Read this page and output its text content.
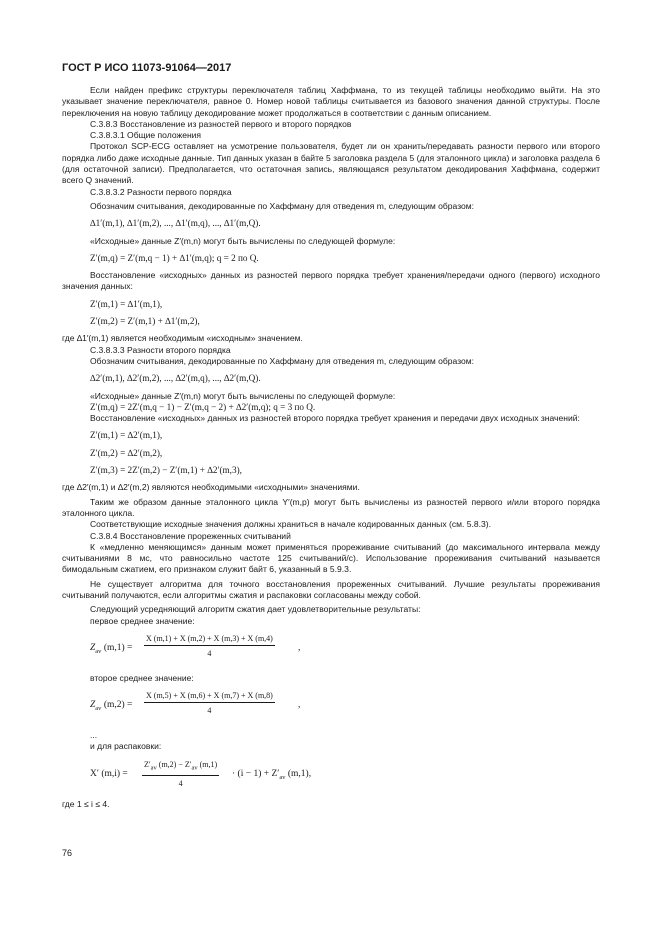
ГОСТ Р ИСО 11073-91064—2017

Если найден префикс структуры переключателя таблиц Хаффмана, то из текущей таблицы необходимо выйти. На это указывает значение переключателя, равное 0. Номер новой таблицы считывается из базового значения данной структуры. После переключения на новую таблицу декодирование может продолжаться в соответствии с данным описанием.

С.3.8.3 Восстановление из разностей первого и второго порядков

С.3.8.3.1 Общие положения

Протокол SCP-ECG оставляет на усмотрение пользователя, будет ли он хранить/передавать разности первого или второго порядка либо даже исходные данные. Тип данных указан в байте 5 заголовка раздела 5 (для эталонного цикла) и заголовка раздела 6 (для остаточной записи). Предполагается, что остаточная запись, являющаяся результатом декодирования Хаффмана, содержит всего Q значений.

С.3.8.3.2 Разности первого порядка

Обозначим считывания, декодированные по Хаффману для отведения m, следующим образом:

∆1′(m,1), ∆1′(m,2), ..., ∆1′(m,q), ..., ∆1′(m,Q).

«Исходные» данные Z′(m,n) могут быть вычислены по следующей формуле:

Z′(m,q) = Z′(m,q − 1) + ∆1′(m,q); q = 2 по Q.

Восстановление «исходных» данных из разностей первого порядка требует хранения/передачи одного (первого) исходного значения данных:

Z′(m,1) = ∆1′(m,1),

Z′(m,2) = Z′(m,1) + ∆1′(m,2),

где ∆1′(m,1) является необходимым «исходным» значением.

С.3.8.3.3 Разности второго порядка

Обозначим считывания, декодированные по Хаффману для отведения m, следующим образом:

∆2′(m,1), ∆2′(m,2), ..., ∆2′(m,q), ..., ∆2′(m,Q).

«Исходные» данные Z′(m,n) могут быть вычислены по следующей формуле:

Z′(m,q) = 2Z′(m,q − 1) − Z′(m,q − 2) + ∆2′(m,q); q = 3 по Q.

Восстановление «исходных» данных из разностей второго порядка требует хранения и передачи двух исходных значений:

Z′(m,1) = ∆2′(m,1),

Z′(m,2) = ∆2′(m,2),

Z′(m,3) = 2Z′(m,2) − Z′(m,1) + ∆2′(m,3),

где ∆2′(m,1) и ∆2′(m,2) являются необходимыми «исходными» значениями.

Таким же образом данные эталонного цикла Y′(m,p) могут быть вычислены из разностей первого и/или второго порядка эталонного цикла.

Соответствующие исходные значения должны храниться в начале кодированных данных (см. 5.8.3).

С.3.8.4 Восстановление прореженных считываний

К «медленно меняющимся» данным может применяться прореживание считываний (до максимального интервала между считываниями 8 мс, что равносильно частоте 125 считываний/с). Использование прореживания считываний называется бимодальным сжатием, его признаком служит байт 6, указанный в 5.9.3.

Не существует алгоритма для точного восстановления прореженных считываний. Лучшие результаты прореживания считываний получаются, если алгоритмы сжатия и распаковки согласованы между собой.

Следующий усредняющий алгоритм сжатия дает удовлетворительные результаты:

первое среднее значение:

$Z_{av}$ $(m,1) = \frac{X (m,1) + X (m,2) + X (m,3) + X (m,4)}{4}$ ,

второе среднее значение:

$Z_{av}$ $(m,2) = \frac{X (m,5) + X (m,6) + X (m,7) + X (m,8)}{4}$ ,

...

и для распаковки:

X′ $(m,i) = \frac{Z'_{av} (m,2) - Z'_{av} (m,1)}{4} \cdot (i - 1) + Z'_{av}$ (m,1),

где 1 ≤ i ≤ 4.

76
